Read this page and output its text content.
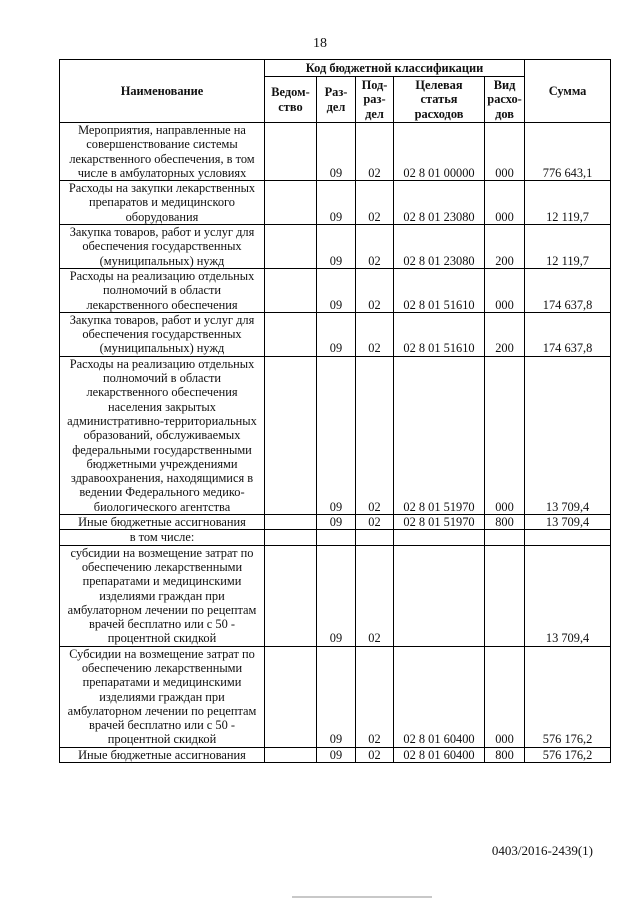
18
Наименование	Код бюджетной классификации					Сумма
	Ведом-ство	Раз-дел	Под-раз-дел	Целевая статья расходов	Вид расхо-дов	
Мероприятия, направленные на совершенствование системы лекарственного обеспечения, в том числе в амбулаторных условиях		09	02	02 8 01 00000	000	776 643,1
Расходы на закупки лекарственных препаратов и медицинского оборудования		09	02	02 8 01 23080	000	12 119,7
Закупка товаров, работ и услуг для обеспечения государственных (муниципальных) нужд		09	02	02 8 01 23080	200	12 119,7
Расходы на реализацию отдельных полномочий в области лекарственного обеспечения		09	02	02 8 01 51610	000	174 637,8
Закупка товаров, работ и услуг для обеспечения государственных (муниципальных) нужд		09	02	02 8 01 51610	200	174 637,8
Расходы на реализацию отдельных полномочий в области лекарственного обеспечения населения закрытых административно-территориальных образований, обслуживаемых федеральными государственными бюджетными учреждениями здравоохранения, находящимися в ведении Федерального медико-биологического агентства		09	02	02 8 01 51970	000	13 709,4
Иные бюджетные ассигнования		09	02	02 8 01 51970	800	13 709,4
в том числе:						
субсидии на возмещение затрат по обеспечению лекарственными препаратами и медицинскими изделиями граждан при амбулаторном лечении по рецептам врачей бесплатно или с 50 - процентной скидкой		09	02			13 709,4
Субсидии на возмещение затрат по обеспечению лекарственными препаратами и медицинскими изделиями граждан при амбулаторном лечении по рецептам врачей бесплатно или с 50 - процентной скидкой		09	02	02 8 01 60400	000	576 176,2
Иные бюджетные ассигнования		09	02	02 8 01 60400	800	576 176,2
0403/2016-2439(1)
